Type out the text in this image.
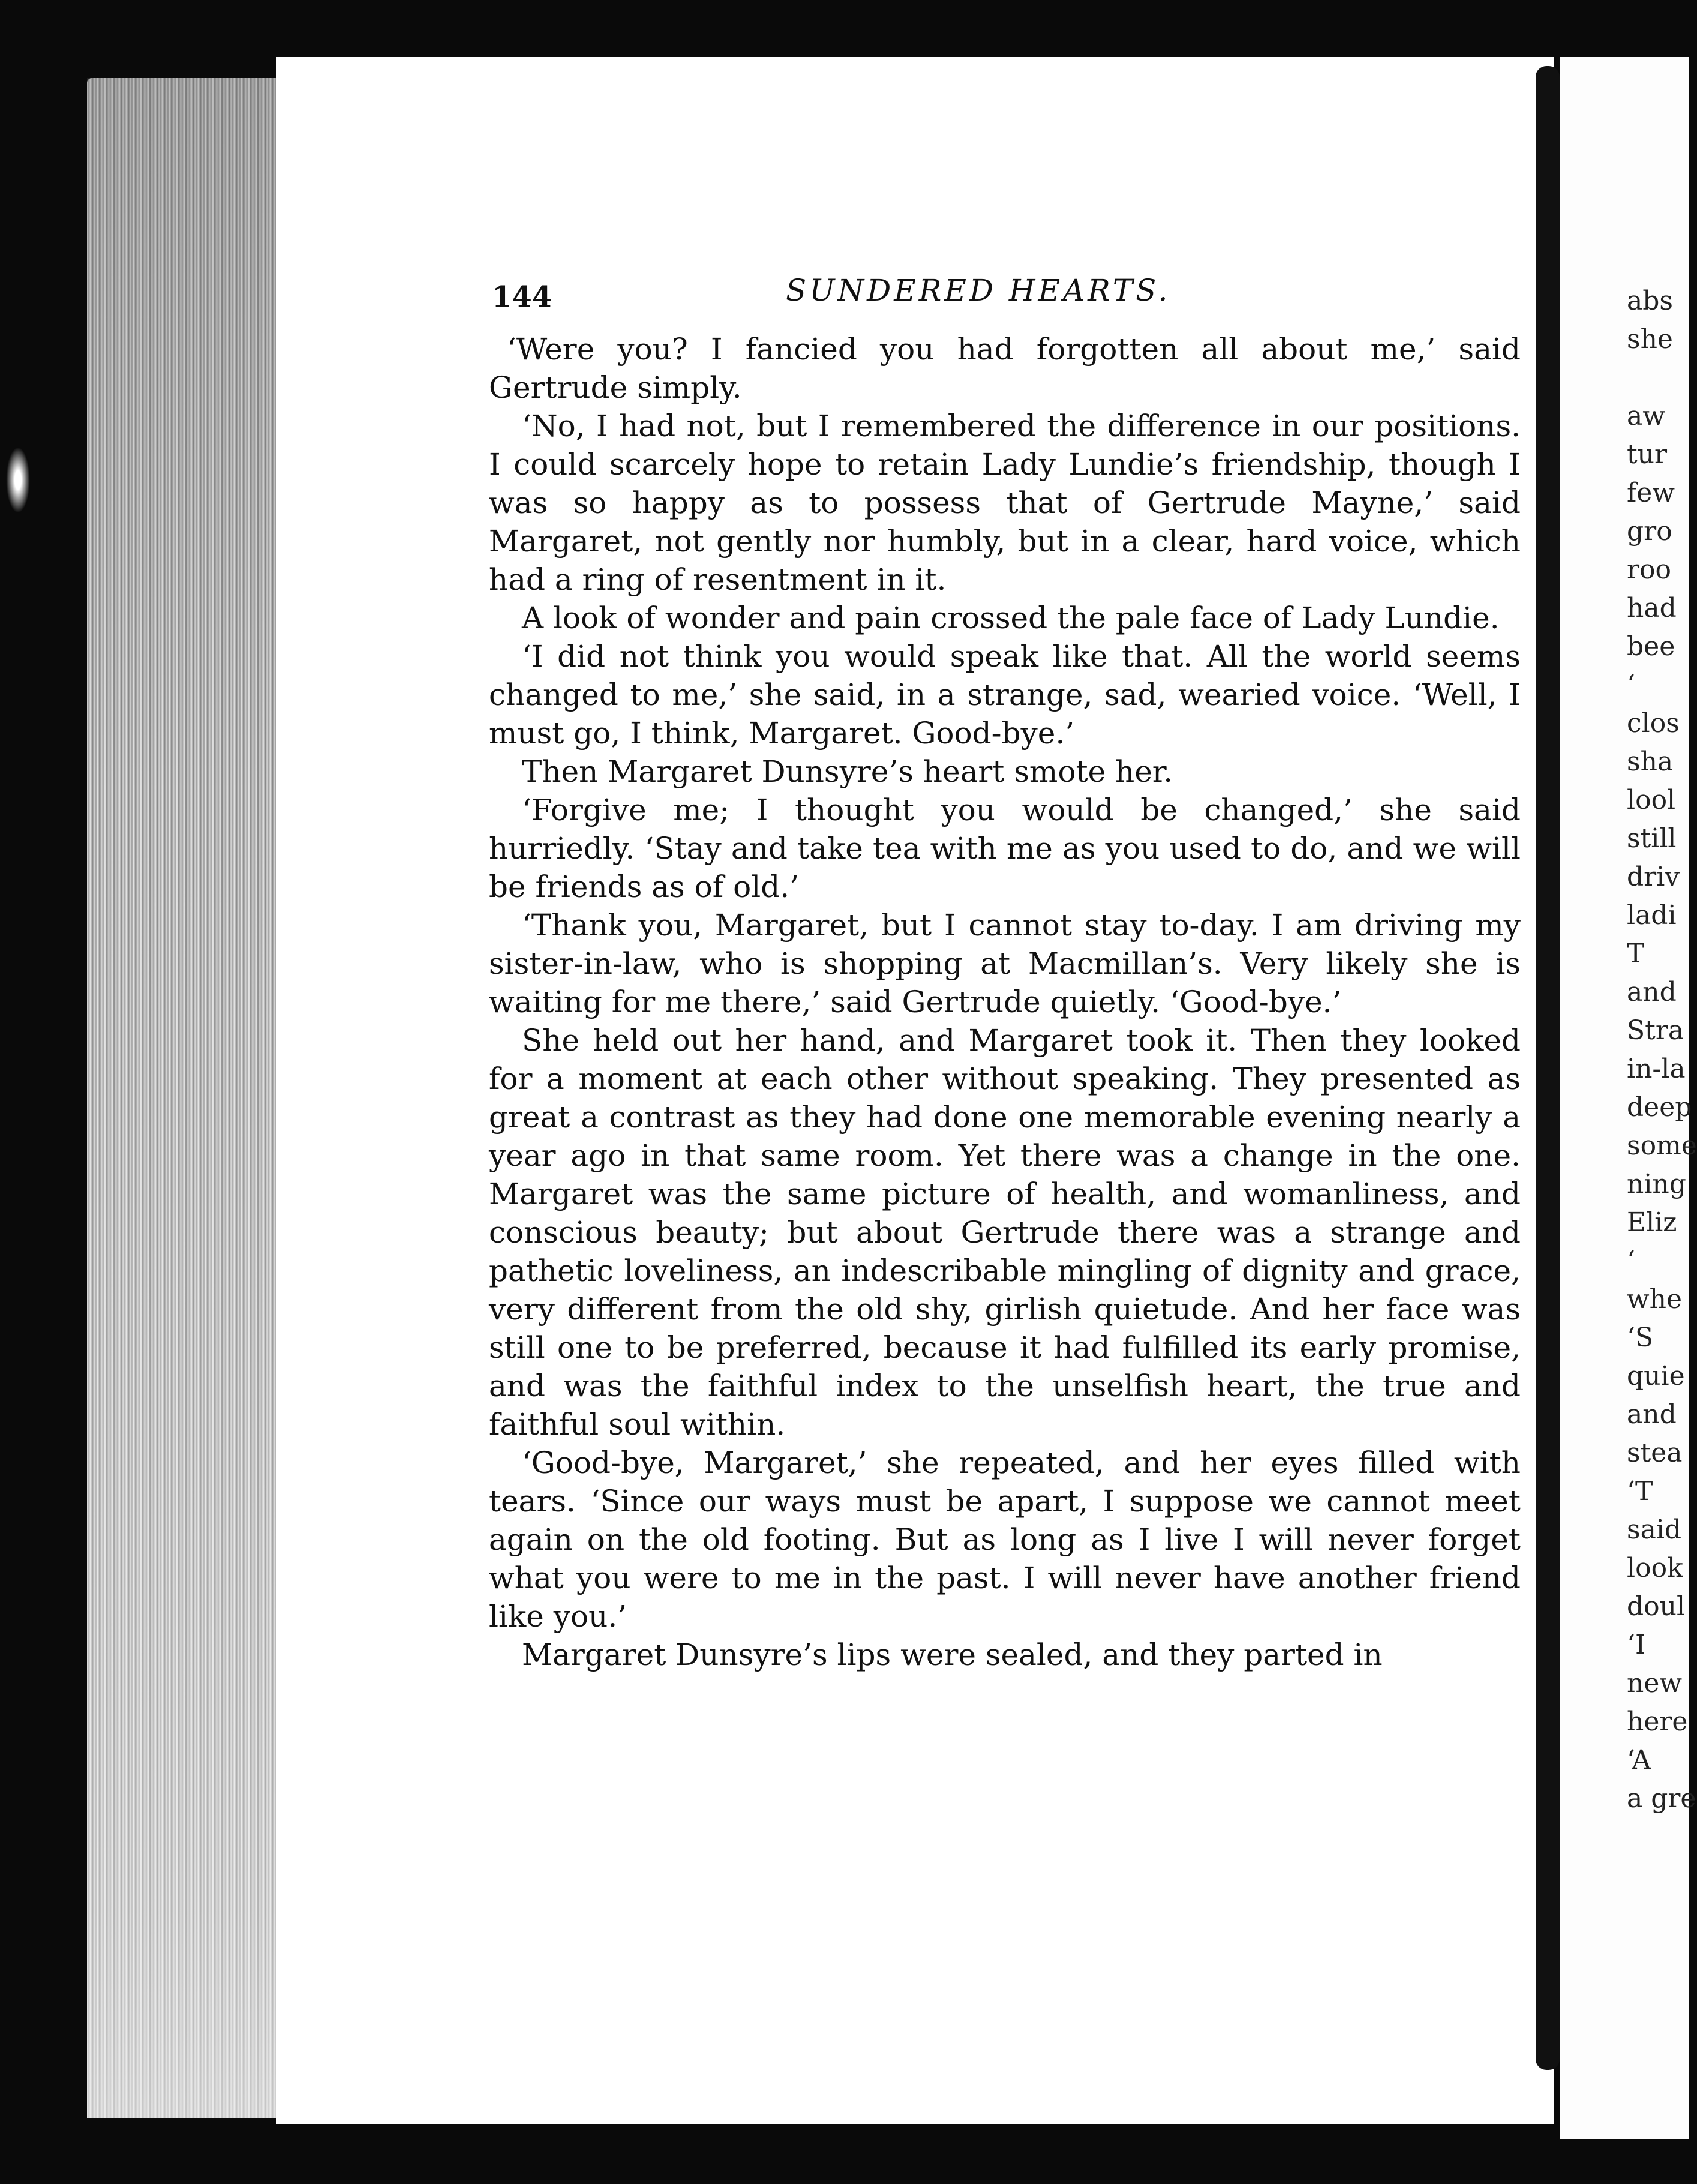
144	SUNDERED HEARTS.

‘Were you? I fancied you had forgotten all about me,’ said Gertrude simply.

‘No, I had not, but I remembered the difference in our positions. I could scarcely hope to retain Lady Lundie’s friendship, though I was so happy as to possess that of Gertrude Mayne,’ said Margaret, not gently nor humbly, but in a clear, hard voice, which had a ring of resentment in it.

A look of wonder and pain crossed the pale face of Lady Lundie.

‘I did not think you would speak like that. All the world seems changed to me,’ she said, in a strange, sad, wearied voice. ‘Well, I must go, I think, Margaret. Good-bye.’

Then Margaret Dunsyre’s heart smote her.

‘Forgive me; I thought you would be changed,’ she said hurriedly. ‘Stay and take tea with me as you used to do, and we will be friends as of old.’

‘Thank you, Margaret, but I cannot stay to-day. I am driving my sister-in-law, who is shopping at Macmillan’s. Very likely she is waiting for me there,’ said Gertrude quietly. ‘Good-bye.’

She held out her hand, and Margaret took it. Then they looked for a moment at each other without speaking. They presented as great a contrast as they had done one memorable evening nearly a year ago in that same room. Yet there was a change in the one. Margaret was the same picture of health, and womanliness, and conscious beauty; but about Gertrude there was a strange and pathetic loveliness, an indescribable mingling of dignity and grace, very different from the old shy, girlish quietude. And her face was still one to be preferred, because it had fulfilled its early promise, and was the faithful index to the unselfish heart, the true and faithful soul within.

‘Good-bye, Margaret,’ she repeated, and her eyes filled with tears. ‘Since our ways must be apart, I suppose we cannot meet again on the old footing. But as long as I live I will never forget what you were to me in the past. I will never have another friend like you.’

Margaret Dunsyre’s lips were sealed, and they parted in

abs
she

aw
tur
few
gro
roo
had
bee
‘
clos
sha
lool
still
driv
ladi
T
and
Stra
in-la
deep
some
ning
Eliz
‘
whe
‘S
quie
and
stea
‘T
said
look
doul
‘I
new
here
‘A
a gre
